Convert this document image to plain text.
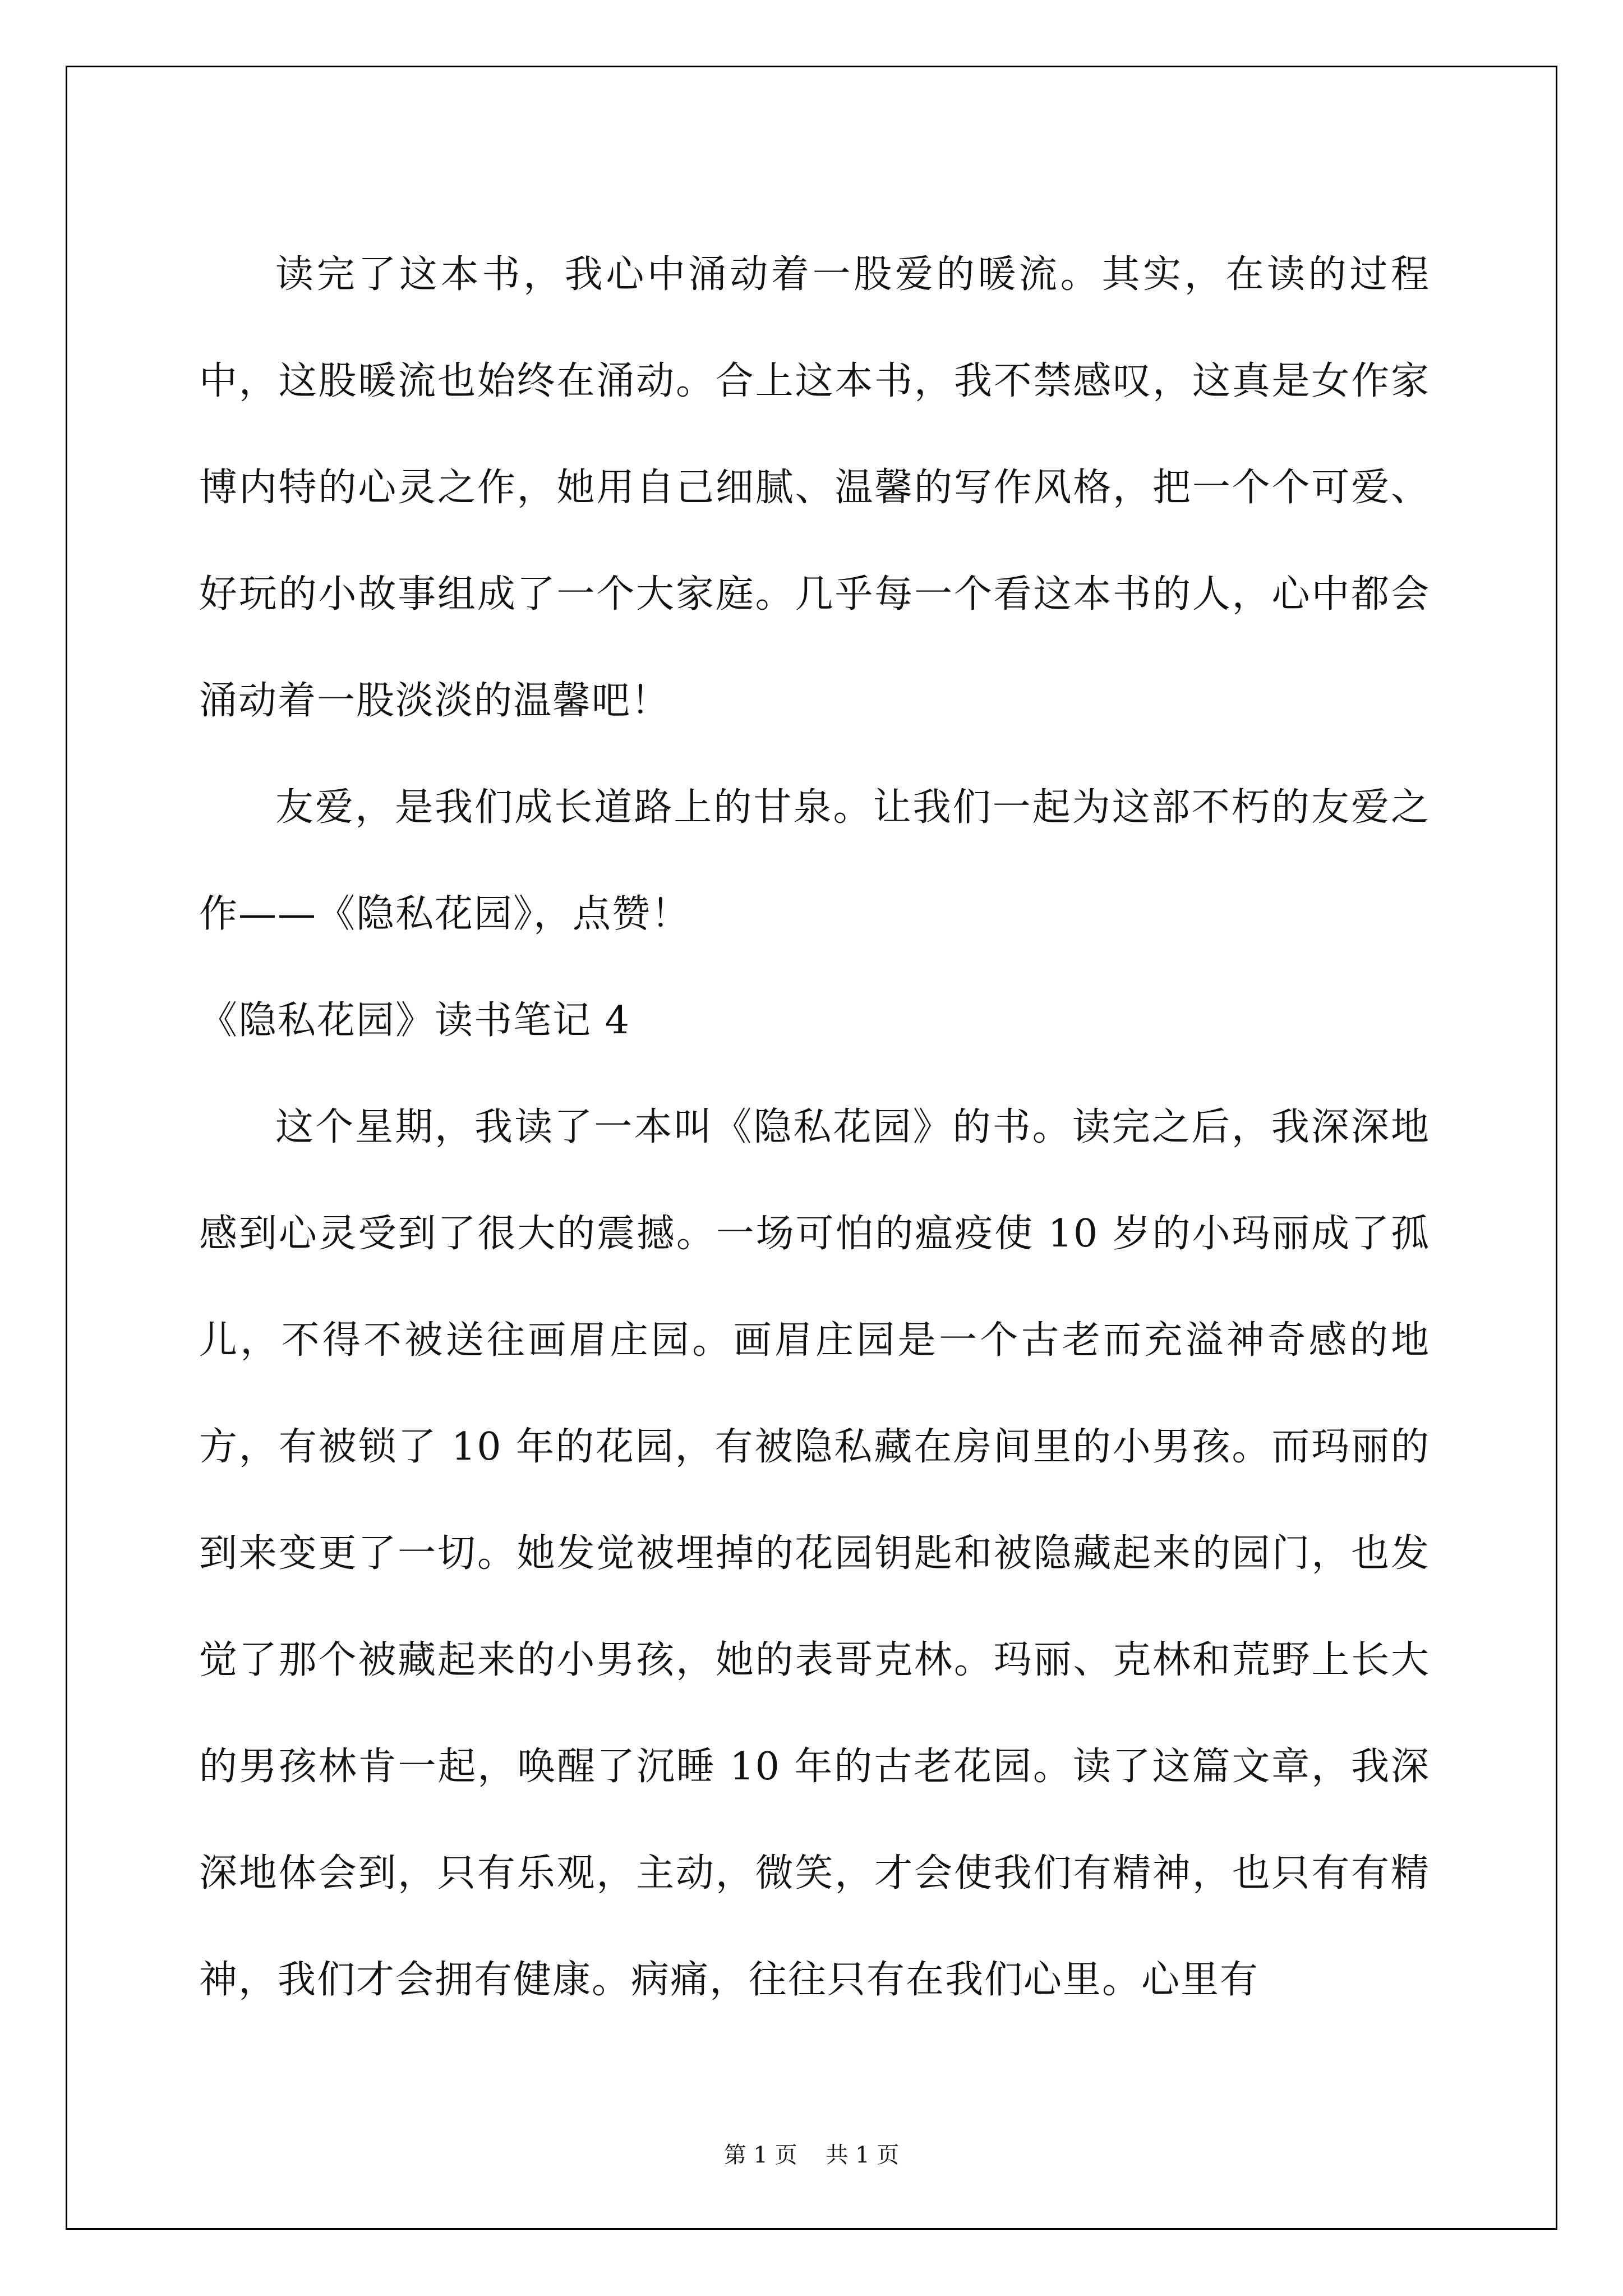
读完了这本书，我心中涌动着一股爱的暖流。其实，在读的过程中，这股暖流也始终在涌动。合上这本书，我不禁感叹，这真是女作家博内特的心灵之作，她用自己细腻、温馨的写作风格，把一个个可爱、好玩的小故事组成了一个大家庭。几乎每一个看这本书的人，心中都会涌动着一股淡淡的温馨吧！

友爱，是我们成长道路上的甘泉。让我们一起为这部不朽的友爱之作——《隐私花园》，点赞！

《隐私花园》读书笔记 4

这个星期，我读了一本叫《隐私花园》的书。读完之后，我深深地感到心灵受到了很大的震撼。一场可怕的瘟疫使 10 岁的小玛丽成了孤儿，不得不被送往画眉庄园。画眉庄园是一个古老而充溢神奇感的地方，有被锁了 10 年的花园，有被隐私藏在房间里的小男孩。而玛丽的到来变更了一切。她发觉被埋掉的花园钥匙和被隐藏起来的园门，也发觉了那个被藏起来的小男孩，她的表哥克林。玛丽、克林和荒野上长大的男孩林肯一起，唤醒了沉睡 10 年的古老花园。读了这篇文章，我深深地体会到，只有乐观，主动，微笑，才会使我们有精神，也只有有精神，我们才会拥有健康。病痛，往往只有在我们心里。心里有

第 1 页    共 1 页
